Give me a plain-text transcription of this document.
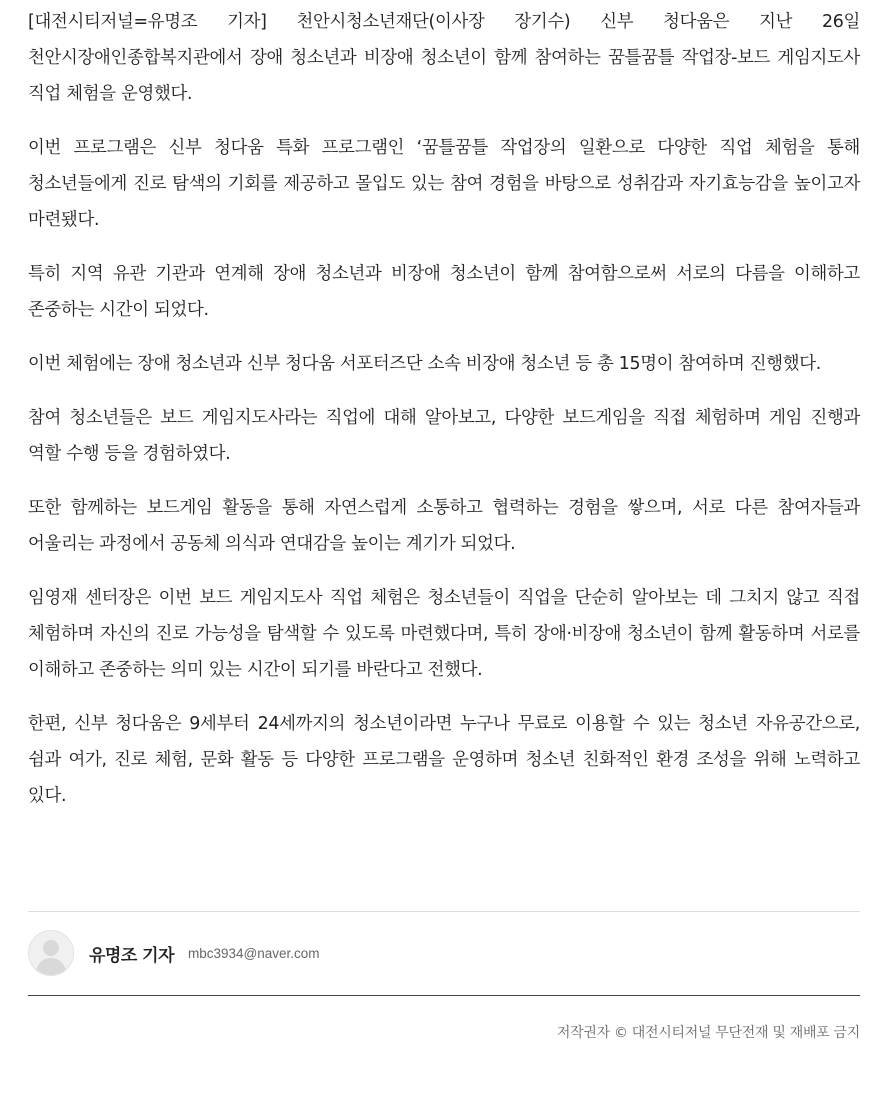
[대전시티저널=유명조 기자] 천안시청소년재단(이사장 장기수) 신부 청다움은 지난 26일 천안시장애인종합복지관에서 장애 청소년과 비장애 청소년이 함께 참여하는 꿈틀꿈틀 작업장-보드 게임지도사 직업 체험을 운영했다.

이번 프로그램은 신부 청다움 특화 프로그램인 ‘꿈틀꿈틀 작업장의 일환으로 다양한 직업 체험을 통해 청소년들에게 진로 탐색의 기회를 제공하고 몰입도 있는 참여 경험을 바탕으로 성취감과 자기효능감을 높이고자 마련됐다.

특히 지역 유관 기관과 연계해 장애 청소년과 비장애 청소년이 함께 참여함으로써 서로의 다름을 이해하고 존중하는 시간이 되었다.

이번 체험에는 장애 청소년과 신부 청다움 서포터즈단 소속 비장애 청소년 등 총 15명이 참여하며 진행했다.

참여 청소년들은 보드 게임지도사라는 직업에 대해 알아보고, 다양한 보드게임을 직접 체험하며 게임 진행과 역할 수행 등을 경험하였다.

또한 함께하는 보드게임 활동을 통해 자연스럽게 소통하고 협력하는 경험을 쌓으며, 서로 다른 참여자들과 어울리는 과정에서 공동체 의식과 연대감을 높이는 계기가 되었다.

임영재 센터장은 이번 보드 게임지도사 직업 체험은 청소년들이 직업을 단순히 알아보는 데 그치지 않고 직접 체험하며 자신의 진로 가능성을 탐색할 수 있도록 마련했다며, 특히 장애·비장애 청소년이 함께 활동하며 서로를 이해하고 존중하는 의미 있는 시간이 되기를 바란다고 전했다.

한편, 신부 청다움은 9세부터 24세까지의 청소년이라면 누구나 무료로 이용할 수 있는 청소년 자유공간으로, 쉼과 여가, 진로 체험, 문화 활동 등 다양한 프로그램을 운영하며 청소년 친화적인 환경 조성을 위해 노력하고 있다.

유명조 기자 mbc3934@naver.com
저작권자 © 대전시티저널 무단전재 및 재배포 금지
